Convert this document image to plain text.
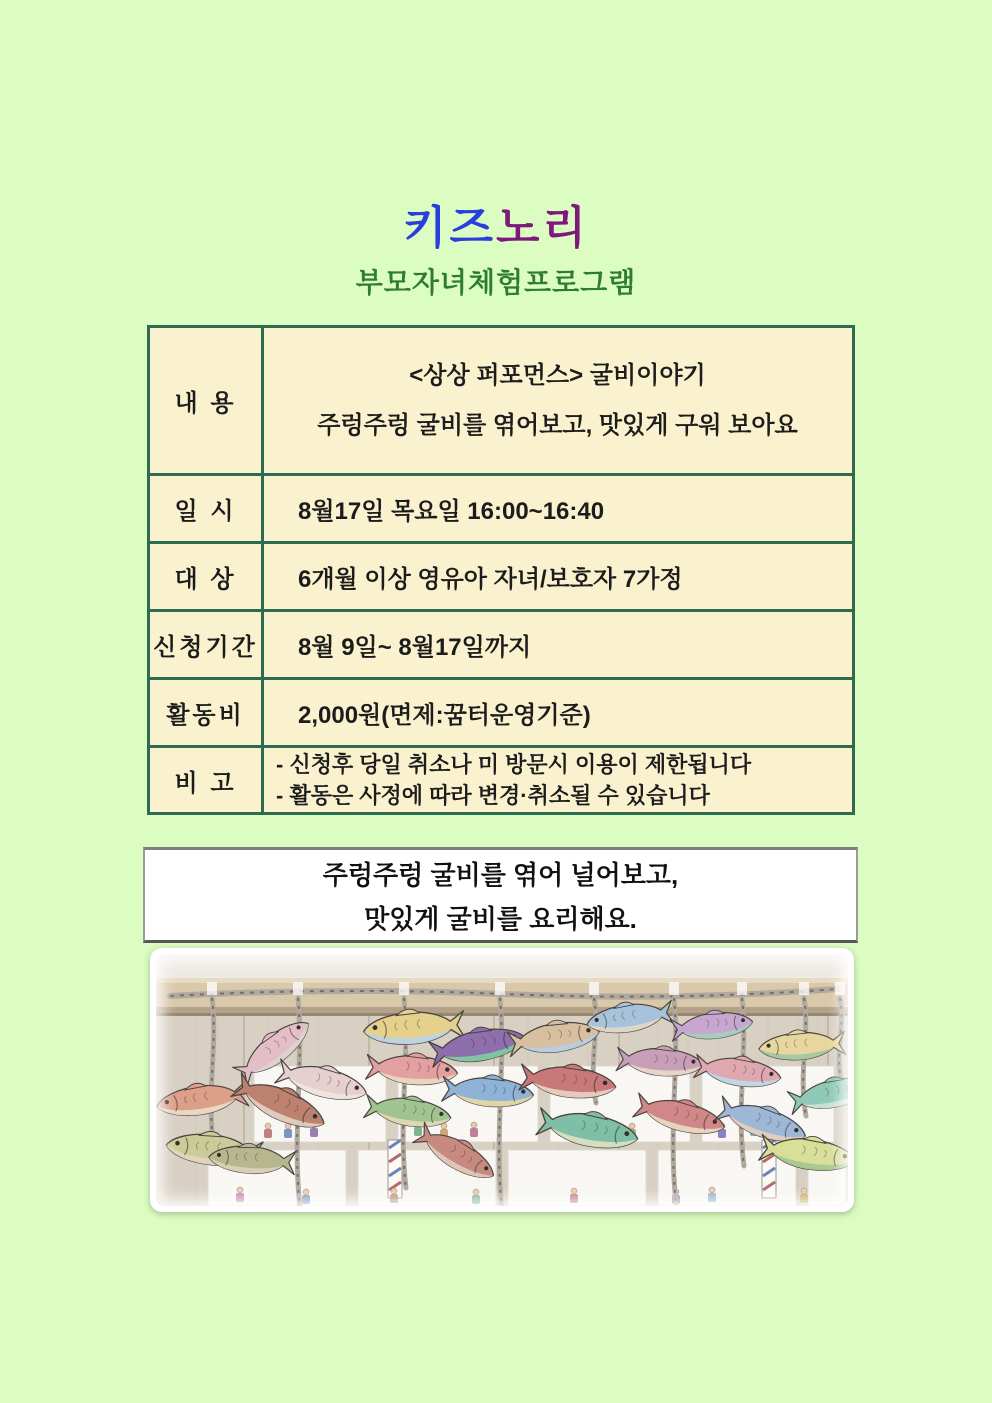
키즈노리
부모자녀체험프로그램
내 용	<상상 퍼포먼스> 굴비이야기
주렁주렁 굴비를 엮어보고, 맛있게 구워 보아요

일 시	8월17일 목요일 16:00~16:40
대 상	6개월 이상 영유아 자녀/보호자 7가정
신청기간	8월 9일~ 8월17일까지
활동비	2,000원(면제:꿈터운영기준)
비 고	- 신청후 당일 취소나 미 방문시 이용이 제한됩니다
- 활동은 사정에 따라 변경·취소될 수 있습니다
주렁주렁 굴비를 엮어 널어보고,
맛있게 굴비를 요리해요.
